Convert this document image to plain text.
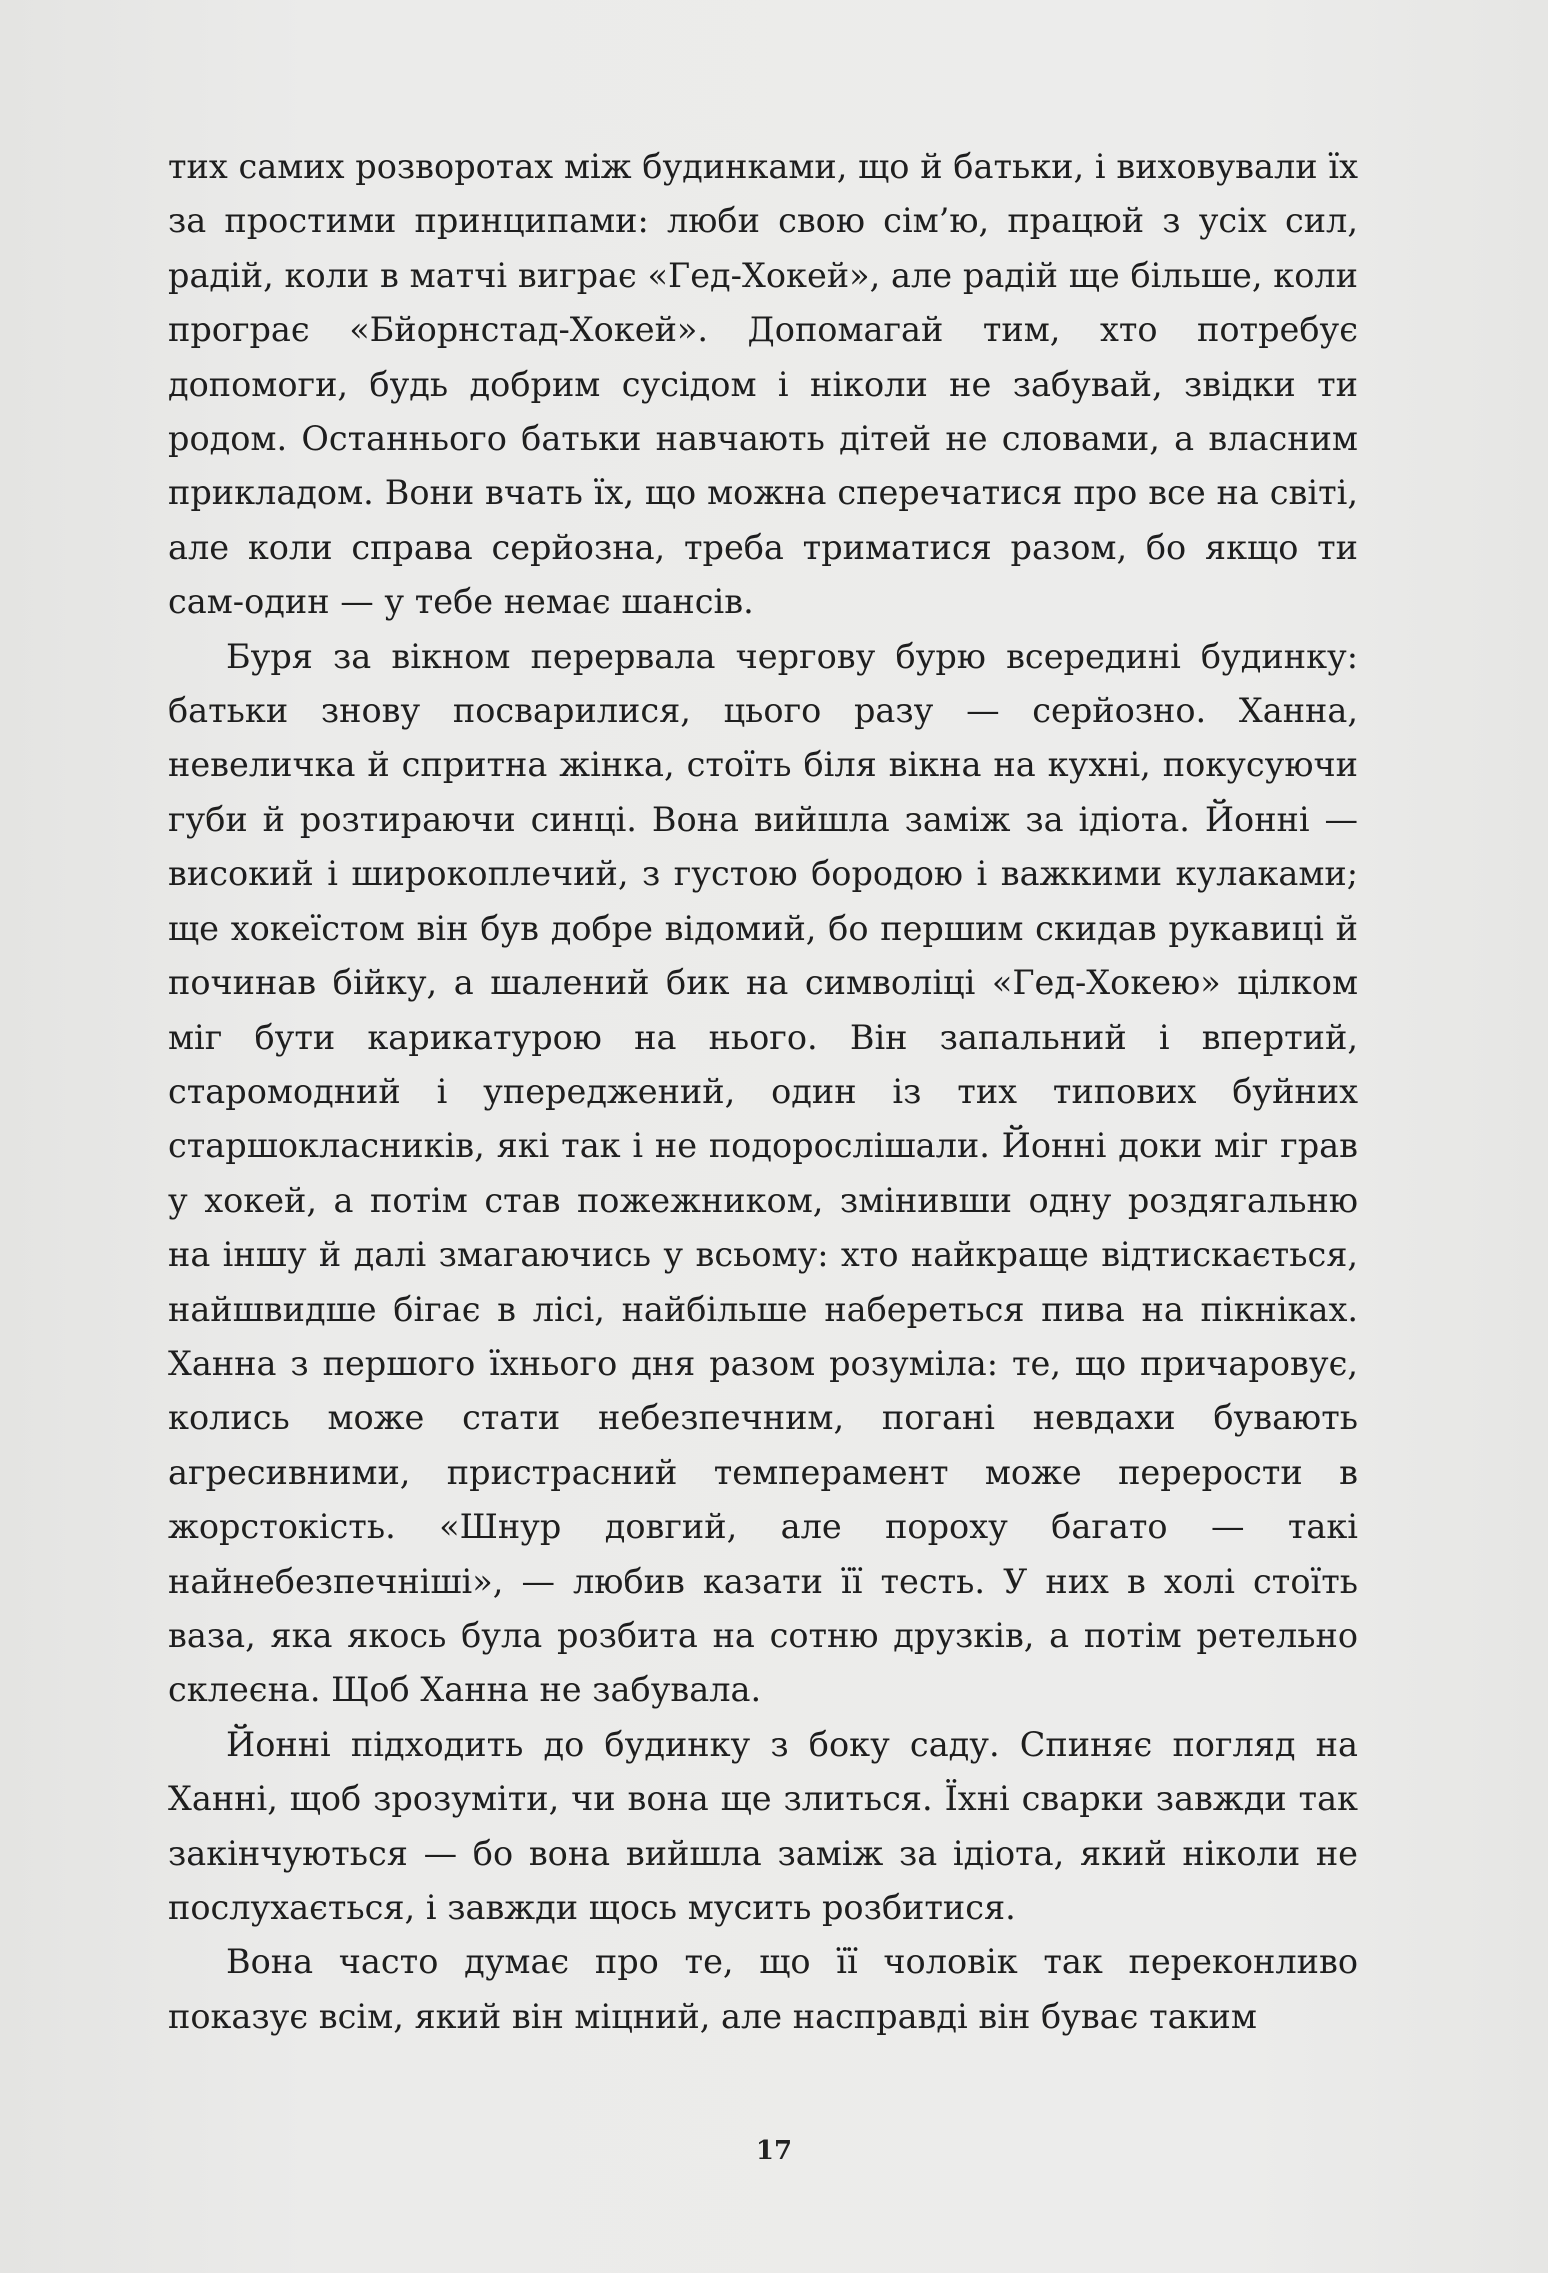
тих самих розворотах між будинками, що й батьки, і виховували їх за простими принципами: люби свою сім’ю, працюй з усіх сил, радій, коли в матчі виграє «Гед-Хокей», але радій ще більше, коли програє «Бйорнстад-Хокей». Допомагай тим, хто потребує допомоги, будь добрим сусідом і ніколи не забувай, звідки ти родом. Останнього батьки навчають дітей не словами, а власним прикладом. Вони вчать їх, що можна сперечатися про все на світі, але коли справа серйозна, треба триматися разом, бо якщо ти сам-один — у тебе немає шансів.

Буря за вікном перервала чергову бурю всередині будинку: батьки знову посварилися, цього разу — серйозно. Ханна, невеличка й спритна жінка, стоїть біля вікна на кухні, покусуючи губи й розтираючи синці. Вона вийшла заміж за ідіота. Йонні — високий і широкоплечий, з густою бородою і важкими кулаками; ще хокеїстом він був добре відомий, бо першим скидав рукавиці й починав бійку, а шалений бик на символіці «Гед-Хокею» цілком міг бути карикатурою на нього. Він запальний і впертий, старомодний і упереджений, один із тих типових буйних старшокласників, які так і не подорослішали. Йонні доки міг грав у хокей, а потім став пожежником, змінивши одну роздягальню на іншу й далі змагаючись у всьому: хто найкраще відтискається, найшвидше бігає в лісі, найбільше набереться пива на пікніках. Ханна з першого їхнього дня разом розуміла: те, що причаровує, колись може стати небезпечним, погані невдахи бувають агресивними, пристрасний темперамент може перерости в жорстокість. «Шнур довгий, але пороху багато — такі найнебезпечніші», — любив казати її тесть. У них в холі стоїть ваза, яка якось була розбита на сотню друзків, а потім ретельно склеєна. Щоб Ханна не забувала.

Йонні підходить до будинку з боку саду. Спиняє погляд на Ханні, щоб зрозуміти, чи вона ще злиться. Їхні сварки завжди так закінчуються — бо вона вийшла заміж за ідіота, який ніколи не послухається, і завжди щось мусить розбитися.

Вона часто думає про те, що її чоловік так переконливо показує всім, який він міцний, але насправді він буває таким

17
